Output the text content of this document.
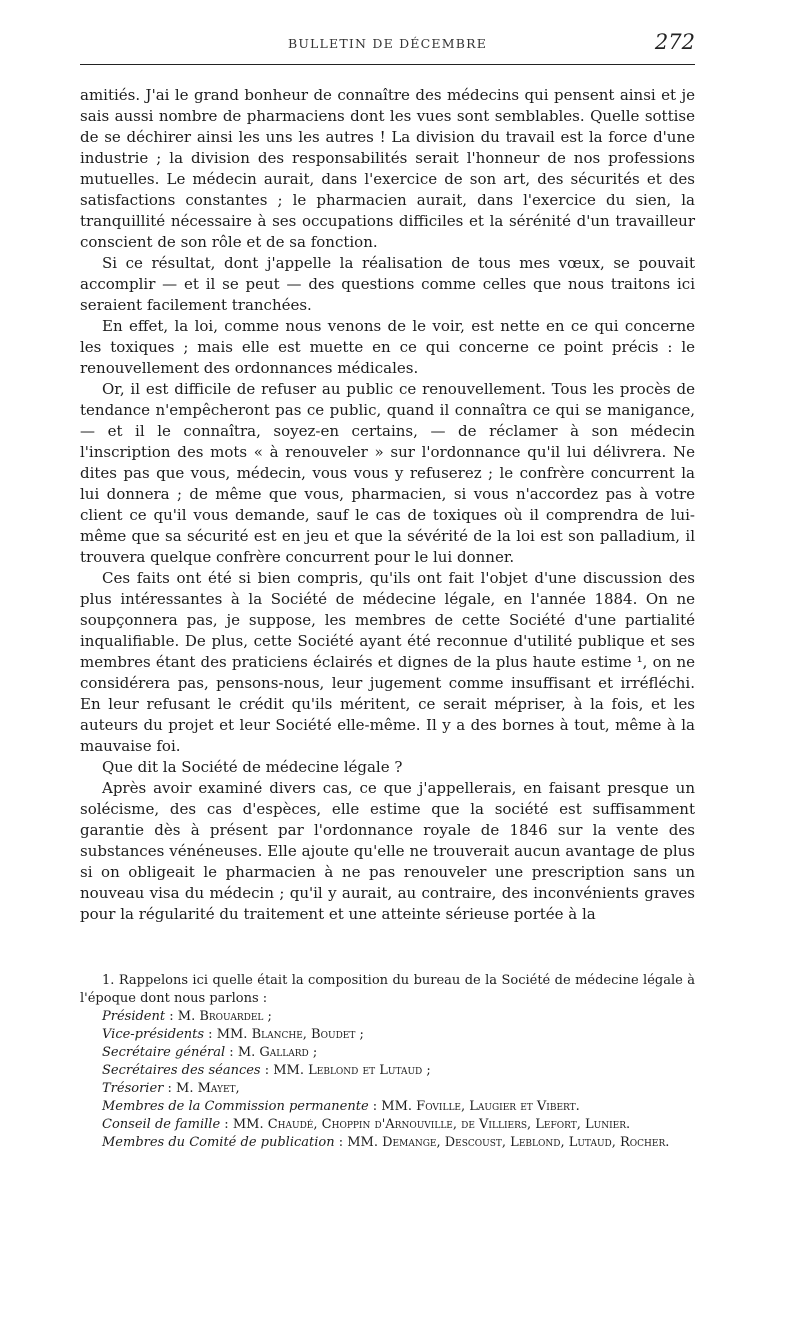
BULLETIN DE DÉCEMBRE	272

amitiés. J'ai le grand bonheur de connaître des médecins qui pensent ainsi et je sais aussi nombre de pharmaciens dont les vues sont semblables. Quelle sottise de se déchirer ainsi les uns les autres ! La division du travail est la force d'une industrie ; la division des responsabilités serait l'honneur de nos professions mutuelles. Le médecin aurait, dans l'exercice de son art, des sécurités et des satisfactions constantes ; le pharmacien aurait, dans l'exercice du sien, la tranquillité nécessaire à ses occupations difficiles et la sérénité d'un travailleur conscient de son rôle et de sa fonction.

Si ce résultat, dont j'appelle la réalisation de tous mes vœux, se pouvait accomplir — et il se peut — des questions comme celles que nous traitons ici seraient facilement tranchées.

En effet, la loi, comme nous venons de le voir, est nette en ce qui concerne les toxiques ; mais elle est muette en ce qui concerne ce point précis : le renouvellement des ordonnances médicales.

Or, il est difficile de refuser au public ce renouvellement. Tous les procès de tendance n'empêcheront pas ce public, quand il connaîtra ce qui se manigance, — et il le connaîtra, soyez-en certains, — de réclamer à son médecin l'inscription des mots « à renouveler » sur l'ordonnance qu'il lui délivrera. Ne dites pas que vous, médecin, vous vous y refuserez ; le confrère concurrent la lui donnera ; de même que vous, pharmacien, si vous n'accordez pas à votre client ce qu'il vous demande, sauf le cas de toxiques où il comprendra de lui-même que sa sécurité est en jeu et que la sévérité de la loi est son palladium, il trouvera quelque confrère concurrent pour le lui donner.

Ces faits ont été si bien compris, qu'ils ont fait l'objet d'une discussion des plus intéressantes à la Société de médecine légale, en l'année 1884. On ne soupçonnera pas, je suppose, les membres de cette Société d'une partialité inqualifiable. De plus, cette Société ayant été reconnue d'utilité publique et ses membres étant des praticiens éclairés et dignes de la plus haute estime ¹, on ne considérera pas, pensons-nous, leur jugement comme insuffisant et irréfléchi. En leur refusant le crédit qu'ils méritent, ce serait mépriser, à la fois, et les auteurs du projet et leur Société elle-même. Il y a des bornes à tout, même à la mauvaise foi.

Que dit la Société de médecine légale ?

Après avoir examiné divers cas, ce que j'appellerais, en faisant presque un solécisme, des cas d'espèces, elle estime que la société est suffisamment garantie dès à présent par l'ordonnance royale de 1846 sur la vente des substances vénéneuses. Elle ajoute qu'elle ne trouverait aucun avantage de plus si on obligeait le pharmacien à ne pas renouveler une prescription sans un nouveau visa du médecin ; qu'il y aurait, au contraire, des inconvénients graves pour la régularité du traitement et une atteinte sérieuse portée à la

1. Rappelons ici quelle était la composition du bureau de la Société de médecine légale à l'époque dont nous parlons :

Président : M. Brouardel ;

Vice-présidents : MM. Blanche, Boudet ;

Secrétaire général : M. Gallard ;

Secrétaires des séances : MM. Leblond et Lutaud ;

Trésorier : M. Mayet,

Membres de la Commission permanente : MM. Foville, Laugier et Vibert.

Conseil de famille : MM. Chaudé, Choppin d'Arnouville, de Villiers, Lefort, Lunier.

Membres du Comité de publication : MM. Demange, Descoust, Leblond, Lutaud, Rocher.
